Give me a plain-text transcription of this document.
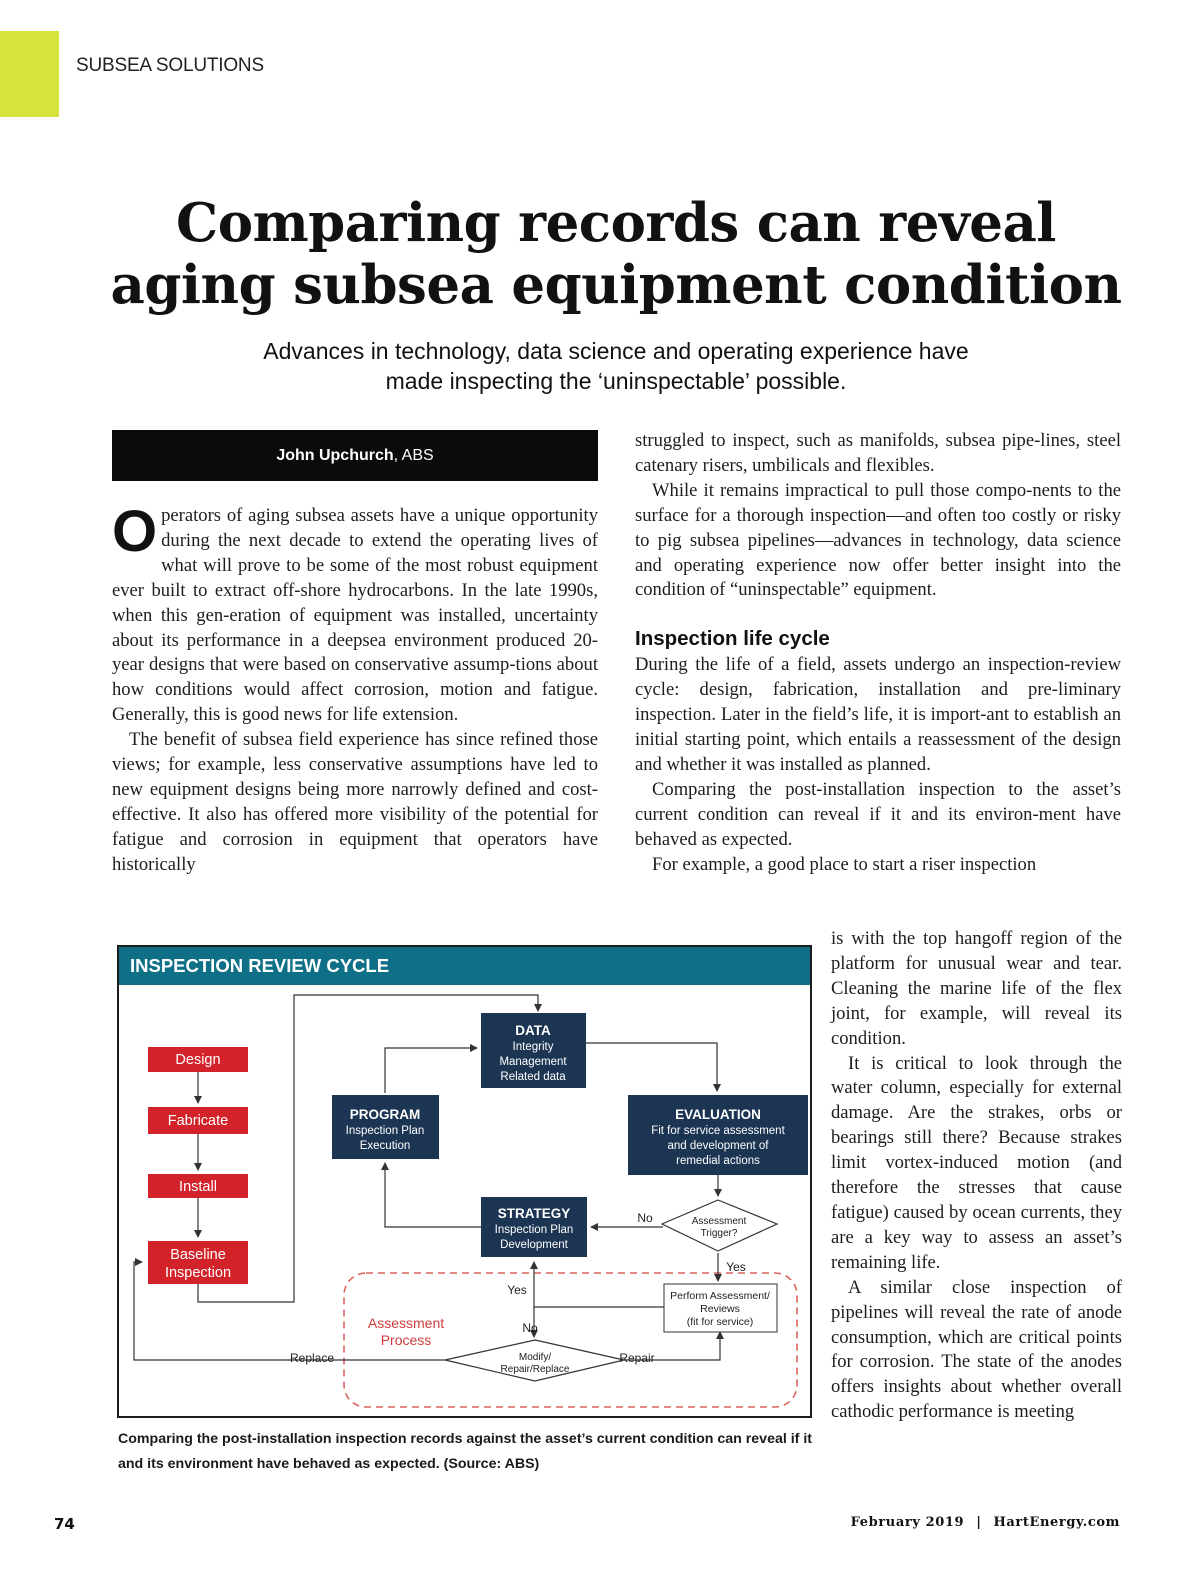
SUBSEA SOLUTIONS
Comparing records can reveal
aging subsea equipment condition

Advances in technology, data science and operating experience have
made inspecting the ‘uninspectable’ possible.

John Upchurch , ABS

Operators of aging subsea assets have a unique opportunity during the next decade to extend the operating lives of what will prove to be some of the most robust equipment ever built to extract off-shore hydrocarbons. In the late 1990s, when this gen-eration of equipment was installed, uncertainty about its performance in a deepsea environment produced 20-year designs that were based on conservative assump-tions about how conditions would affect corrosion, motion and fatigue. Generally, this is good news for life extension.

The benefit of subsea field experience has since refined those views; for example, less conservative assumptions have led to new equipment designs being more narrowly defined and cost-effective. It also has offered more visibility of the potential for fatigue and corrosion in equipment that operators have historically

struggled to inspect, such as manifolds, subsea pipe-lines, steel catenary risers, umbilicals and flexibles.

While it remains impractical to pull those compo-nents to the surface for a thorough inspection—and often too costly or risky to pig subsea pipelines—advances in technology, data science and operating experience now offer better insight into the condition of “uninspectable” equipment.

Inspection life cycle

During the life of a field, assets undergo an inspection-review cycle: design, fabrication, installation and pre-liminary inspection. Later in the field’s life, it is import-ant to establish an initial starting point, which entails a reassessment of the design and whether it was installed as planned.

Comparing the post-installation inspection to the asset’s current condition can reveal if it and its environ-ment have behaved as expected.

For example, a good place to start a riser inspection

is with the top hangoff region of the platform for unusual wear and tear. Cleaning the marine life of the flex joint, for example, will reveal its condition.

It is critical to look through the water column, especially for external damage. Are the strakes, orbs or bearings still there? Because strakes limit vortex-induced motion (and therefore the stresses that cause fatigue) caused by ocean currents, they are a key way to assess an asset’s remaining life.

A similar close inspection of pipelines will reveal the rate of anode consumption, which are critical points for corrosion. The state of the anodes offers insights about whether overall cathodic performance is meeting

Design
Fabricate
Install
Baseline
Inspection
DATA
Integrity
Management
Related data
PROGRAM
Inspection Plan
Execution
EVALUATION
Fit for service assessment
and development of
remedial actions
STRATEGY
Inspection Plan
Development
Assessment
Trigger?
No
Yes
Perform Assessment/
Reviews
(fit for service)
Assessment
Process
Yes
No
Modify/
Repair/Replace
Replace	Repair
INSPECTION REVIEW CYCLE

Comparing the post-installation inspection records against the asset’s current condition can reveal if it and its environment have behaved as expected. (Source: ABS)

74	February 2019 | HartEnergy.com
